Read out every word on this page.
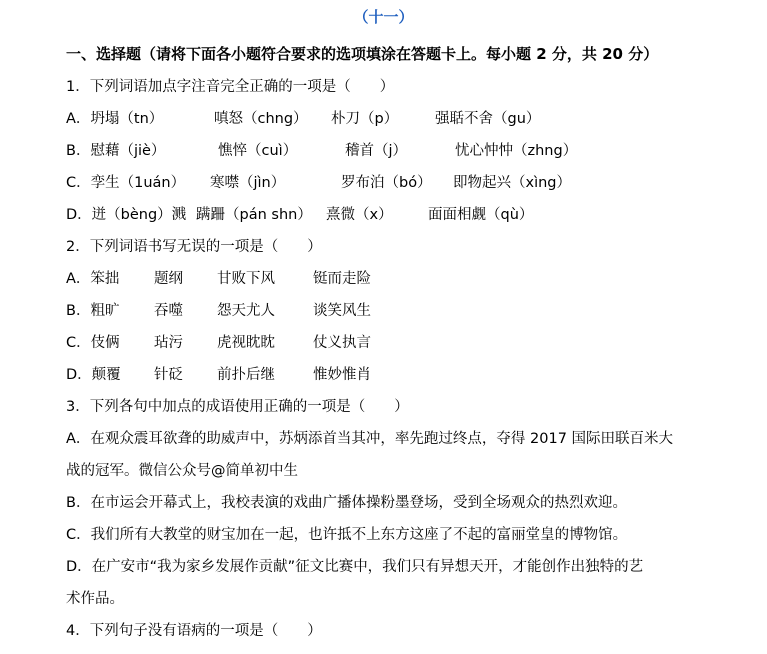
（十一）
一、选择题（请将下面各小题符合要求的选项填涂在答题卡上。每小题 2 分，共 20 分）
1．下列词语加点字注音完全正确的一项是（　　）
A．坍塌（tn）	嗔怒（chng） 朴刀（p）	强聒不舍（gu）
B．慰藉（jiè）	憔悴（cuì）	稽首（j）	忧心忡忡（zhng）
C．孪生（1uán） 寒噤（jìn）	罗布泊（bó） 即物起兴（xìng）
D．迸（bèng）溅 蹒跚（pán shn） 熹微（x） 面面相觑（qù）
2．下列词语书写无误的一项是（　　）
A．笨拙 题纲 甘败下风	铤而走险
B．粗旷 吞噬 怨天尤人	谈笑风生
C．伎俩 玷污 虎视眈眈	仗义执言
D．颠覆 针砭 前扑后继	惟妙惟肖
3．下列各句中加点的成语使用正确的一项是（　　）
A．在观众震耳欲聋的助威声中，苏炳添首当其冲，率先跑过终点，夺得 2017 国际田联百米大
战的冠军。微信公众号@简单初中生
B．在市运会开幕式上，我校表演的戏曲广播体操粉墨登场，受到全场观众的热烈欢迎。
C．我们所有大教堂的财宝加在一起，也许抵不上东方这座了不起的富丽堂皇的博物馆。
D．在广安市“我为家乡发展作贡献”征文比赛中，我们只有异想天开，才能创作出独特的艺
术作品。
4．下列句子没有语病的一项是（　　）
